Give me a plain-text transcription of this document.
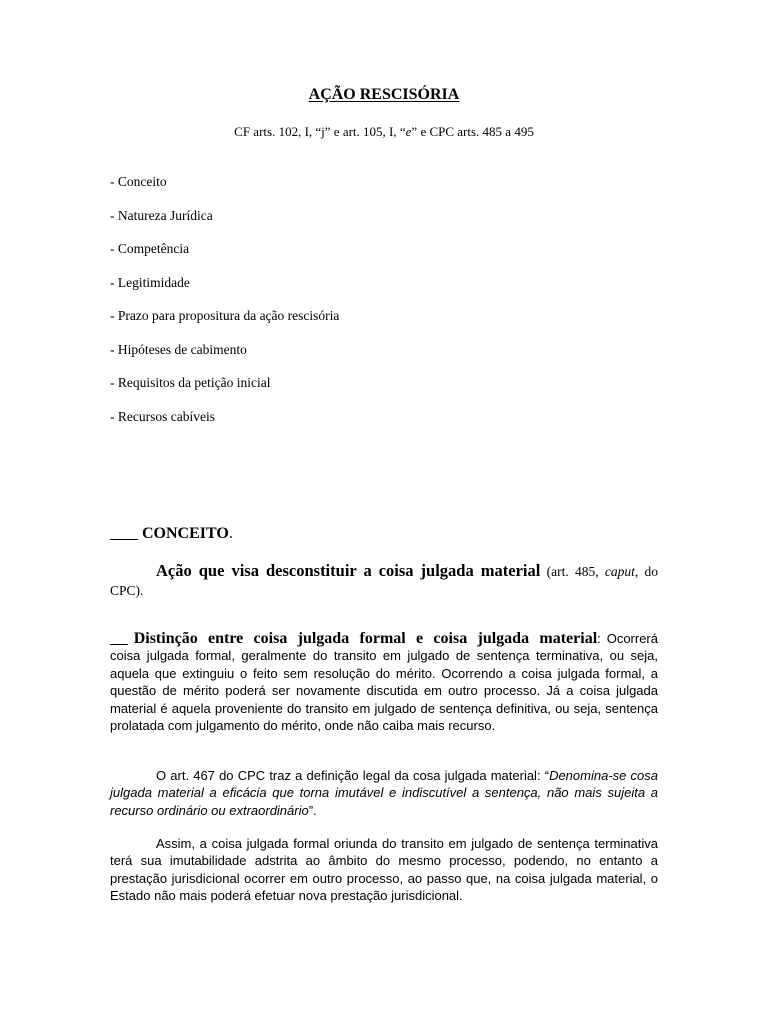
AÇÃO RESCISÓRIA
CF arts. 102, I, “j” e art. 105, I, “e” e CPC arts. 485 a 495
- Conceito
- Natureza Jurídica
- Competência
- Legitimidade
- Prazo para propositura da ação rescisória
- Hipóteses de cabimento
- Requisitos da petição inicial
- Recursos cabíveis
CONCEITO.
Ação que visa desconstituir a coisa julgada material (art. 485, caput, do CPC).
Distinção entre coisa julgada formal e coisa julgada material: Ocorrerá coisa julgada formal, geralmente do transito em julgado de sentença terminativa, ou seja, aquela que extinguiu o feito sem resolução do mérito. Ocorrendo a coisa julgada formal, a questão de mérito poderá ser novamente discutida em outro processo. Já a coisa julgada material é aquela proveniente do transito em julgado de sentença definitiva, ou seja, sentença prolatada com julgamento do mérito, onde não caiba mais recurso.
O art. 467 do CPC traz a definição legal da cosa julgada material: “Denomina-se cosa julgada material a eficácia que torna imutável e indiscutível a sentença, não mais sujeita a recurso ordinário ou extraordinário”.
Assim, a coisa julgada formal oriunda do transito em julgado de sentença terminativa terá sua imutabilidade adstrita ao âmbito do mesmo processo, podendo, no entanto a prestação jurisdicional ocorrer em outro processo, ao passo que, na coisa julgada material, o Estado não mais poderá efetuar nova prestação jurisdicional.
